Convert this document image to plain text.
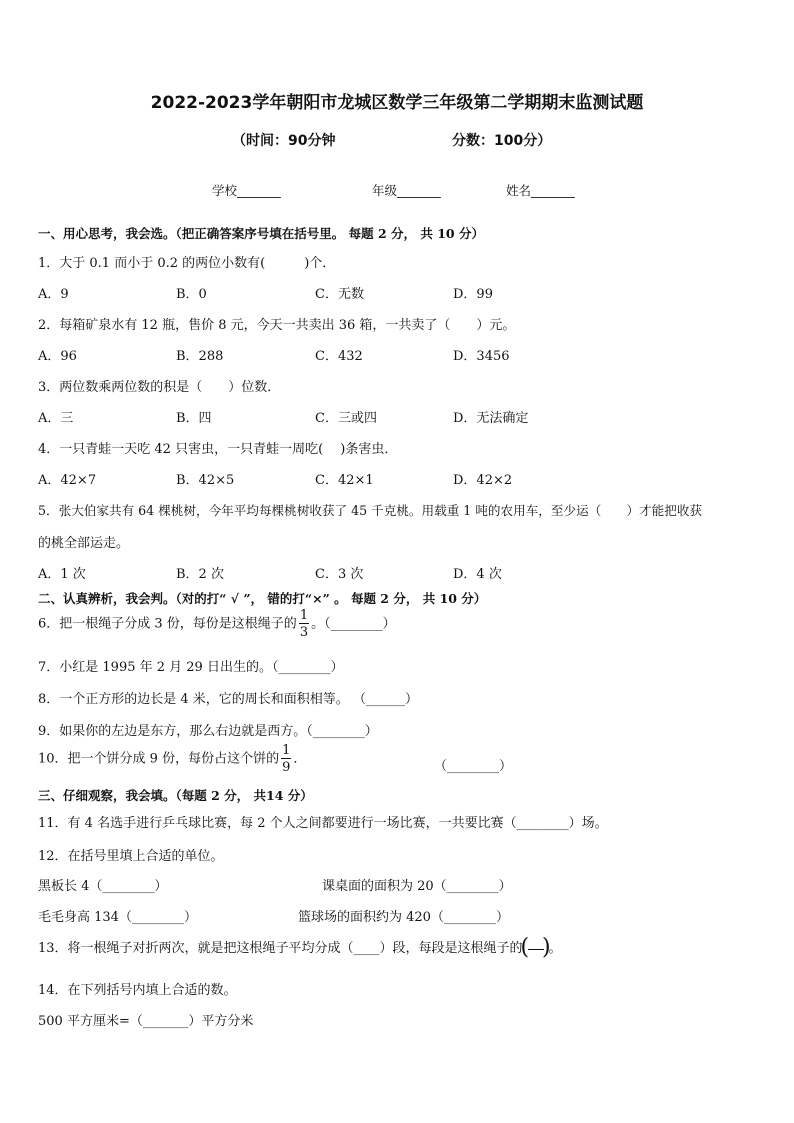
2022-2023学年朝阳市龙城区数学三年级第二学期期末监测试题
（时间：90分钟	分数：100分）
学校_______	年级_______	姓名_______
一、用心思考，我会选。（把正确答案序号填在括号里。 每题 2 分， 共 10 分）
1．大于 0.1 而小于 0.2 的两位小数有(　　　)个．
A．9	B．0	C．无数	D．99
2．每箱矿泉水有 12 瓶，售价 8 元，今天一共卖出 36 箱，一共卖了（　　）元。
A．96	B．288	C．432	D．3456
3．两位数乘两位数的积是（　　）位数．
A．三	B．四	C．三或四	D．无法确定
4．一只青蛙一天吃 42 只害虫，一只青蛙一周吃(　 )条害虫．
A．42×7	B．42×5	C．42×1	D．42×2
5．张大伯家共有 64 棵桃树，今年平均每棵桃树收获了 45 千克桃。用载重 1 吨的农用车，至少运（　　）才能把收获
的桃全部运走。
A．1 次	B．2 次	C．3 次	D．4 次
二、认真辨析，我会判。（对的打“ √ ”， 错的打“×” 。 每题 2 分， 共 10 分）
6．把一根绳子分成 3 份，每份是这根绳子的 $\frac{1}{3}$ 。（________）
7．小红是 1995 年 2 月 29 日出生的。（________）
8．一个正方形的边长是 4 米，它的周长和面积相等。 （______）
9．如果你的左边是东方，那么右边就是西方。（________）
10．把一个饼分成 9 份，每份占这个饼的 $\frac{1}{9}$ ．	（________）
三、仔细观察，我会填。（每题 2 分， 共14 分）
11．有 4 名选手进行乒乓球比赛，每 2 个人之间都要进行一场比赛，一共要比赛（________）场。
12．在括号里填上合适的单位。
黑板长 4（________）	课桌面的面积为 20（________）
毛毛身高 134（________）	篮球场的面积约为 420（________）
13．将一根绳子对折两次，就是把这根绳子平均分成（____）段，每段是这根绳子的
( )
。
14．在下列括号内填上合适的数。
500 平方厘米=（_______）平方分米
